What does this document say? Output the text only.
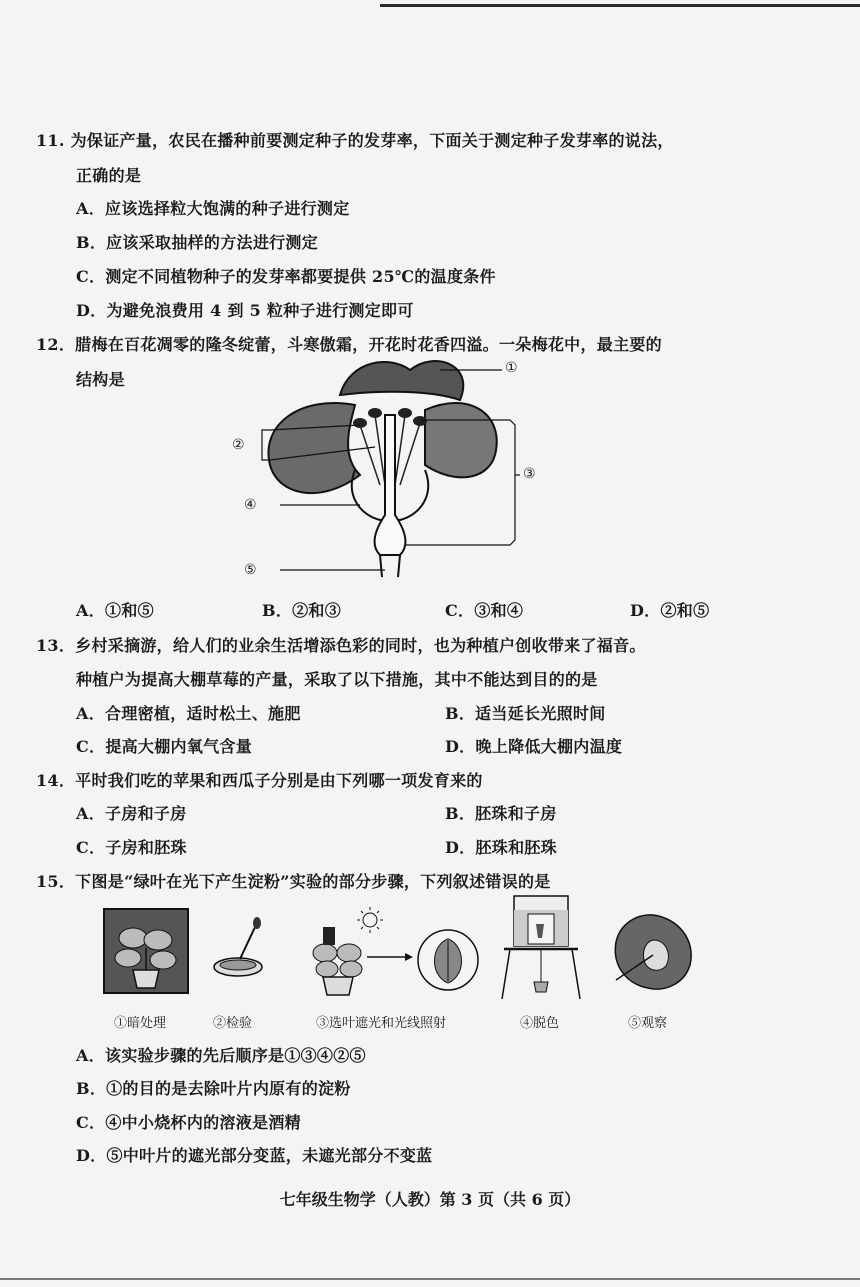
11. 为保证产量，农民在播种前要测定种子的发芽率，下面关于测定种子发芽率的说法，
正确的是
A．应该选择粒大饱满的种子进行测定
B．应该采取抽样的方法进行测定
C．测定不同植物种子的发芽率都要提供 25℃的温度条件
D．为避免浪费用 4 到 5 粒种子进行测定即可
12．腊梅在百花凋零的隆冬绽蕾，斗寒傲霜，开花时花香四溢。一朵梅花中，最主要的
结构是
①
②
③
④
⑤
A．①和⑤	B．②和③	C．③和④	D．②和⑤
13．乡村采摘游，给人们的业余生活增添色彩的同时，也为种植户创收带来了福音。
种植户为提高大棚草莓的产量，采取了以下措施，其中不能达到目的的是
A．合理密植，适时松土、施肥	B．适当延长光照时间
C．提高大棚内氧气含量	D．晚上降低大棚内温度
14．平时我们吃的苹果和西瓜子分别是由下列哪一项发育来的
A．子房和子房	B．胚珠和子房
C．子房和胚珠	D．胚珠和胚珠
15．下图是“绿叶在光下产生淀粉”实验的部分步骤，下列叙述错误的是
①暗处理	②检验	③选叶遮光和光线照射	④脱色	⑤观察
A．该实验步骤的先后顺序是①③④②⑤
B．①的目的是去除叶片内原有的淀粉
C．④中小烧杯内的溶液是酒精
D．⑤中叶片的遮光部分变蓝，未遮光部分不变蓝
七年级生物学（人教）第 3 页（共 6 页）
